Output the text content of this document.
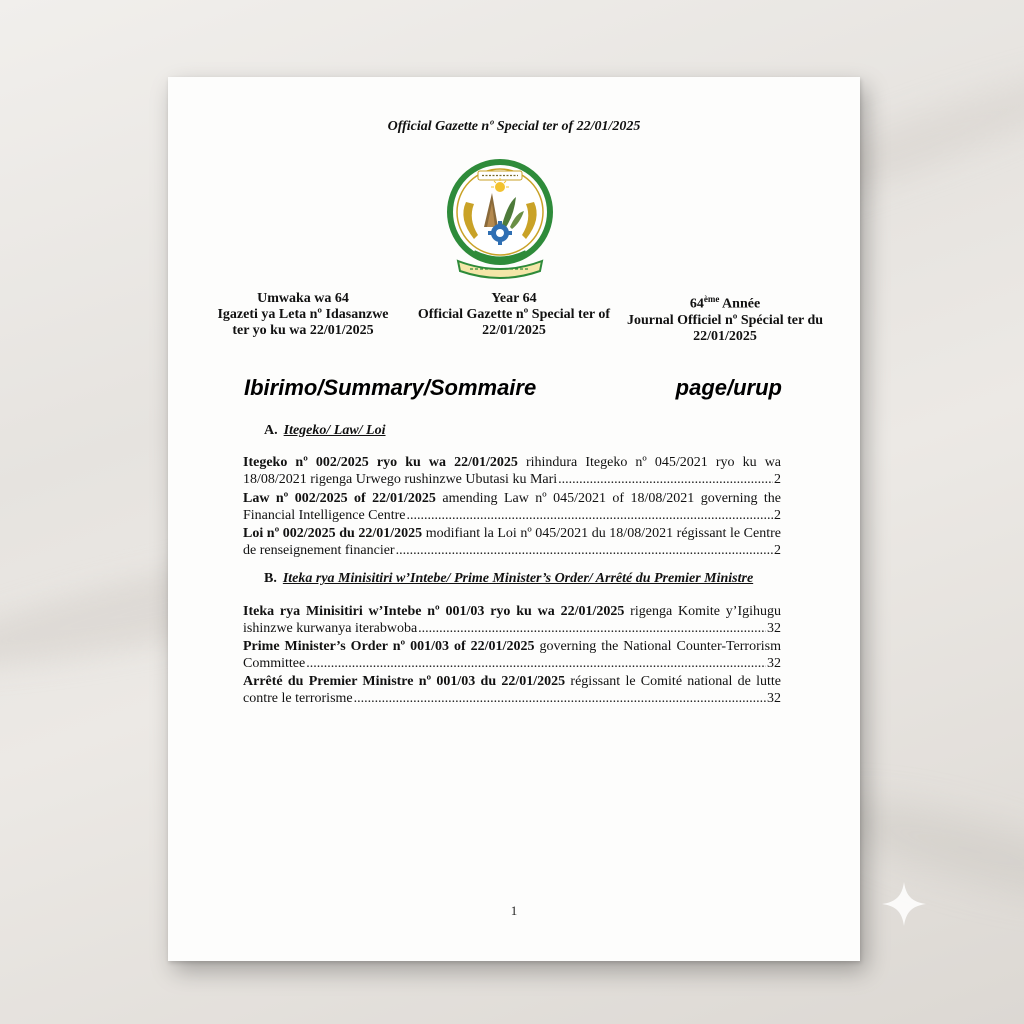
Official Gazette nº Special ter of 22/01/2025
Umwaka wa 64
Igazeti ya Leta nº Idasanzwe
ter yo ku wa 22/01/2025
Year 64
Official Gazette nº Special ter of
22/01/2025
64ème Année
Journal Officiel nº Spécial ter du
22/01/2025
Ibirimo/Summary/Sommaire	page/urup
A. Itegeko/ Law/ Loi
Itegeko nº 002/2025 ryo ku wa 22/01/2025 rihindura Itegeko nº 045/2021 ryo ku wa
18/08/2021 rigenga Urwego rushinzwe Ubutasi ku Mari .....	2
Law nº 002/2025 of 22/01/2025 amending Law nº 045/2021 of 18/08/2021 governing the
Financial Intelligence Centre .....	2
Loi nº 002/2025 du 22/01/2025 modifiant la Loi nº 045/2021 du 18/08/2021 régissant le Centre
de renseignement financier .....	2
B. Iteka rya Minisitiri w’Intebe/ Prime Minister’s Order/ Arrêté du Premier Ministre
Iteka rya Minisitiri w’Intebe nº 001/03 ryo ku wa 22/01/2025 rigenga Komite y’Igihugu
ishinzwe kurwanya iterabwoba .....	32
Prime Minister’s Order nº 001/03 of 22/01/2025 governing the National Counter-Terrorism
Committee .....	32
Arrêté du Premier Ministre nº 001/03 du 22/01/2025 régissant le Comité national de lutte
contre le terrorisme .....	32
1
